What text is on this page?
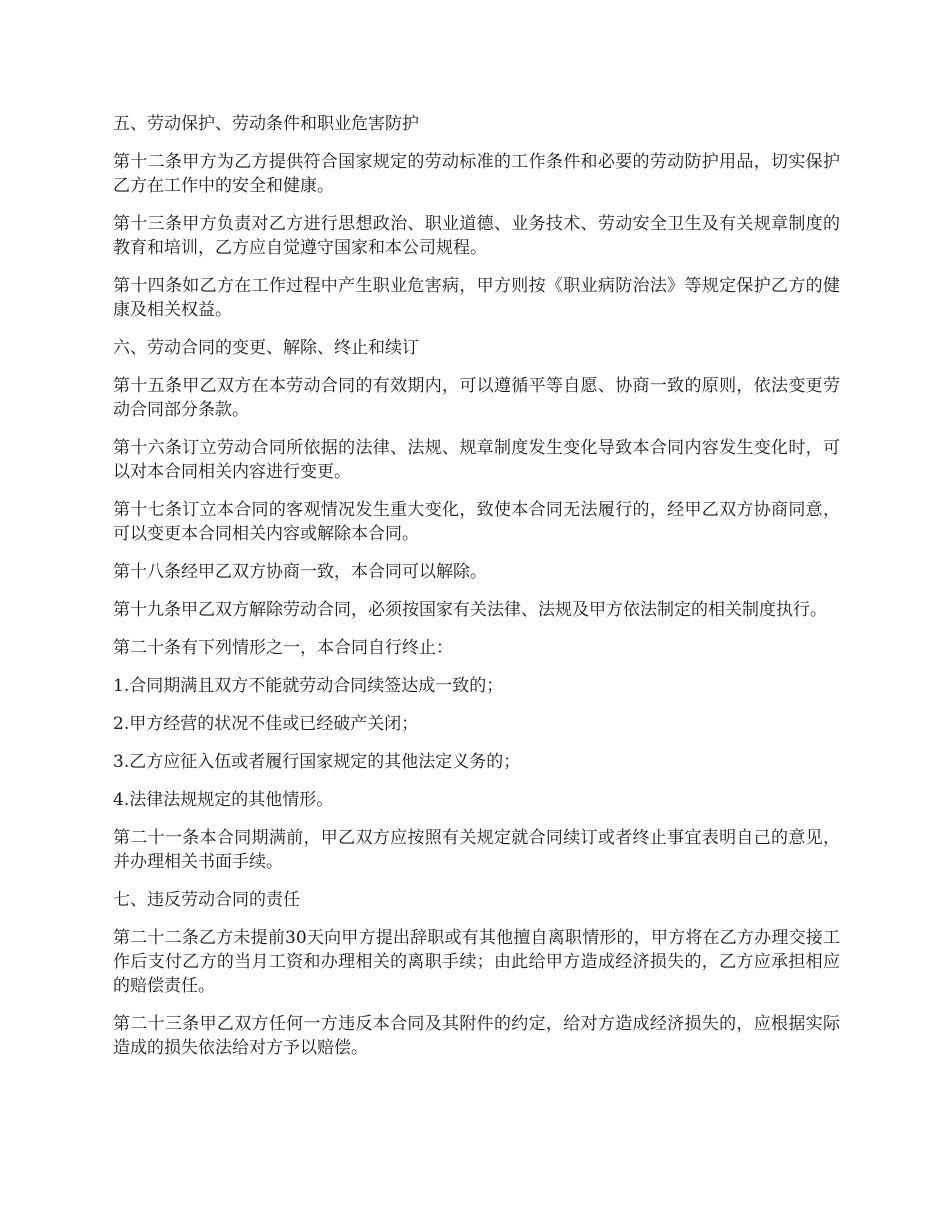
五、劳动保护、劳动条件和职业危害防护

第十二条甲方为乙方提供符合国家规定的劳动标准的工作条件和必要的劳动防护用品，切实保护乙方在工作中的安全和健康。

第十三条甲方负责对乙方进行思想政治、职业道德、业务技术、劳动安全卫生及有关规章制度的教育和培训，乙方应自觉遵守国家和本公司规程。

第十四条如乙方在工作过程中产生职业危害病，甲方则按《职业病防治法》等规定保护乙方的健康及相关权益。

六、劳动合同的变更、解除、终止和续订

第十五条甲乙双方在本劳动合同的有效期内，可以遵循平等自愿、协商一致的原则，依法变更劳动合同部分条款。

第十六条订立劳动合同所依据的法律、法规、规章制度发生变化导致本合同内容发生变化时，可以对本合同相关内容进行变更。

第十七条订立本合同的客观情况发生重大变化，致使本合同无法履行的，经甲乙双方协商同意，可以变更本合同相关内容或解除本合同。

第十八条经甲乙双方协商一致，本合同可以解除。

第十九条甲乙双方解除劳动合同，必须按国家有关法律、法规及甲方依法制定的相关制度执行。

第二十条有下列情形之一，本合同自行终止：

1.合同期满且双方不能就劳动合同续签达成一致的；

2.甲方经营的状况不佳或已经破产关闭；

3.乙方应征入伍或者履行国家规定的其他法定义务的；

4.法律法规规定的其他情形。

第二十一条本合同期满前，甲乙双方应按照有关规定就合同续订或者终止事宜表明自己的意见，并办理相关书面手续。

七、违反劳动合同的责任

第二十二条乙方未提前30天向甲方提出辞职或有其他擅自离职情形的，甲方将在乙方办理交接工作后支付乙方的当月工资和办理相关的离职手续；由此给甲方造成经济损失的，乙方应承担相应的赔偿责任。

第二十三条甲乙双方任何一方违反本合同及其附件的约定，给对方造成经济损失的，应根据实际造成的损失依法给对方予以赔偿。
